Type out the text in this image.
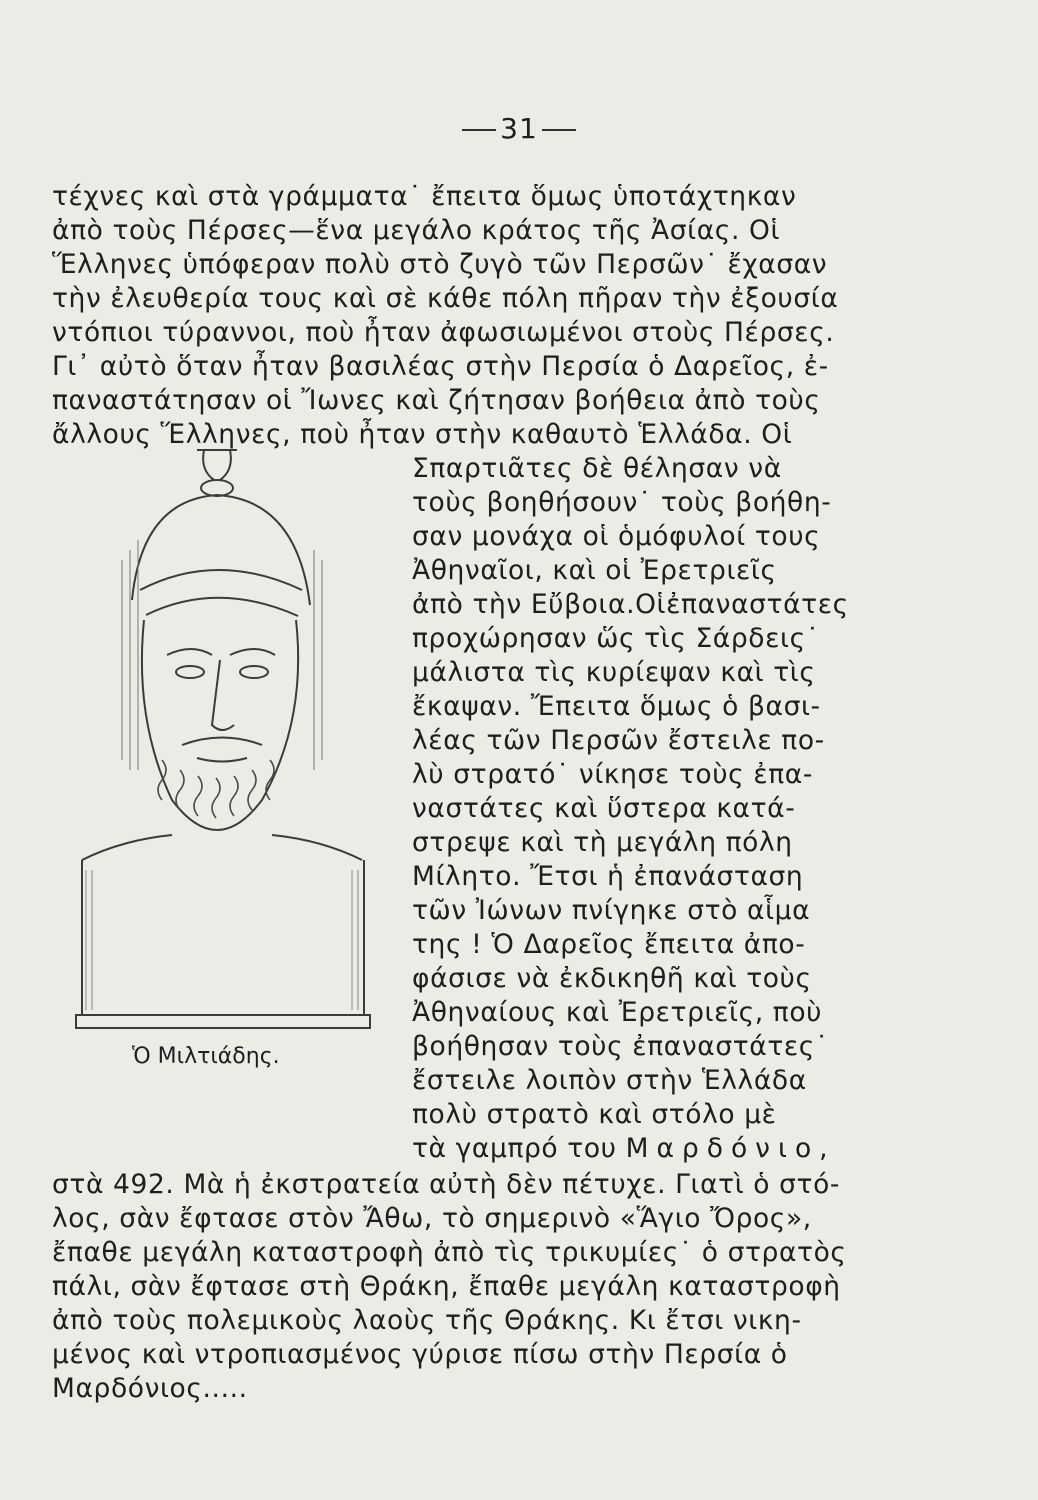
31
τέχνες καὶ στὰ γράμματα˙ ἔπειτα ὅμως ὑποτάχτηκαν
ἀπὸ τοὺς Πέρσες—ἕνα μεγάλο κράτος τῆς Ἀσίας. Οἱ
Ἕλληνες ὑπόφεραν πολὺ στὸ ζυγὸ τῶν Περσῶν˙ ἔχασαν
τὴν ἐλευθερία τους καὶ σὲ κάθε πόλη πῆραν τὴν ἐξουσία
ντόπιοι τύραννοι, ποὺ ἦταν ἀφωσιωμένοι στοὺς Πέρσες.
Γι᾽ αὐτὸ ὅταν ἦταν βασιλέας στὴν Περσία ὁ Δαρεῖος, ἐ-
παναστάτησαν οἱ Ἴωνες καὶ ζήτησαν βοήθεια ἀπὸ τοὺς
ἄλλους Ἕλληνες, ποὺ ἦταν στὴν καθαυτὸ Ἑλλάδα. Οἱ
Σπαρτιᾶτες δὲ θέλησαν νὰ
τοὺς βοηθήσουν˙ τοὺς βοήθη-
σαν μονάχα οἱ ὁμόφυλοί τους
Ἀθηναῖοι, καὶ οἱ Ἐρετριεῖς
ἀπὸ τὴν Εὔβοια.Οἱἐπαναστάτες
προχώρησαν ὥς τὶς Σάρδεις˙
μάλιστα τὶς κυρίεψαν καὶ τὶς
ἔκαψαν. Ἔπειτα ὅμως ὁ βασι-
λέας τῶν Περσῶν ἔστειλε πο-
λὺ στρατό˙ νίκησε τοὺς ἐπα-
ναστάτες καὶ ὕστερα κατά-
στρεψε καὶ τὴ μεγάλη πόλη
Μίλητο. Ἔτσι ἡ ἐπανάσταση
τῶν Ἰώνων πνίγηκε στὸ αἷμα
της ! Ὁ Δαρεῖος ἔπειτα ἀπο-
φάσισε νὰ ἐκδικηθῆ καὶ τοὺς
Ἀθηναίους καὶ Ἐρετριεῖς, ποὺ
βοήθησαν τοὺς ἐπαναστάτες˙
ἔστειλε λοιπὸν στὴν Ἑλλάδα
πολὺ στρατὸ καὶ στόλο μὲ
τὰ γαμπρό του Μαρδόνιο,
Ὁ Μιλτιάδης.
στὰ 492. Μὰ ἡ ἐκστρατεία αὐτὴ δὲν πέτυχε. Γιατὶ ὁ στό-
λος, σὰν ἔφτασε στὸν Ἄθω, τὸ σημερινὸ «Ἅγιο Ὄρος»,
ἔπαθε μεγάλη καταστροφὴ ἀπὸ τὶς τρικυμίες˙ ὁ στρατὸς
πάλι, σὰν ἔφτασε στὴ Θράκη, ἔπαθε μεγάλη καταστροφὴ
ἀπὸ τοὺς πολεμικοὺς λαοὺς τῆς Θράκης. Κι ἔτσι νικη-
μένος καὶ ντροπιασμένος γύρισε πίσω στὴν Περσία ὁ
Μαρδόνιος.....
